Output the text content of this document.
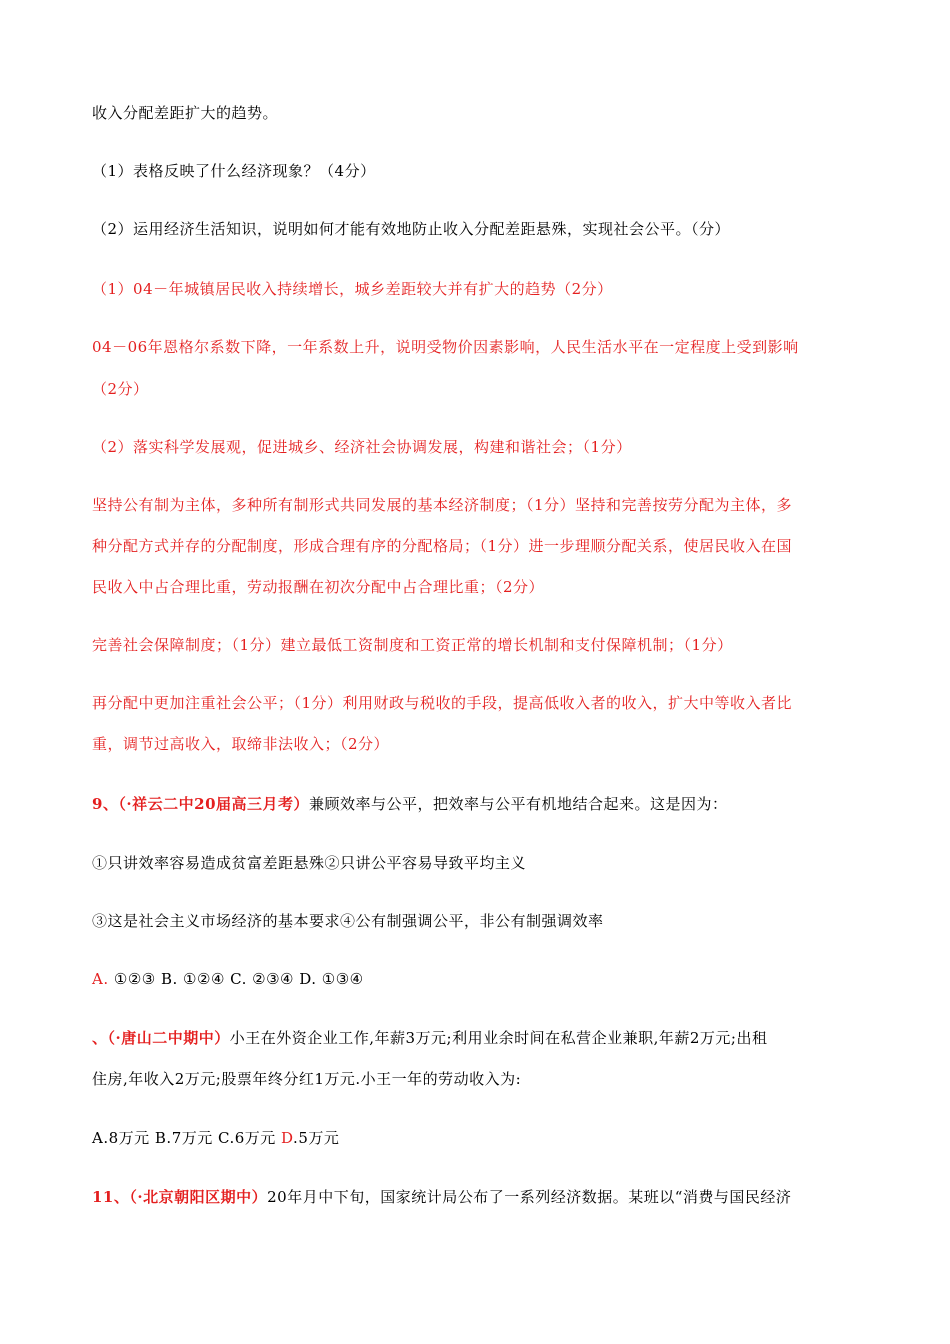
收入分配差距扩大的趋势。
（1）表格反映了什么经济现象？（4分）
（2）运用经济生活知识，说明如何才能有效地防止收入分配差距悬殊，实现社会公平。（分）
（1）04－年城镇居民收入持续增长，城乡差距较大并有扩大的趋势（2分）
04－06年恩格尔系数下降，一年系数上升，说明受物价因素影响，人民生活水平在一定程度上受到影响
（2分）
（2）落实科学发展观，促进城乡、经济社会协调发展，构建和谐社会；（1分）
坚持公有制为主体，多种所有制形式共同发展的基本经济制度；（1分）坚持和完善按劳分配为主体，多
种分配方式并存的分配制度，形成合理有序的分配格局；（1分）进一步理顺分配关系，使居民收入在国
民收入中占合理比重，劳动报酬在初次分配中占合理比重；（2分）
完善社会保障制度；（1分）建立最低工资制度和工资正常的增长机制和支付保障机制；（1分）
再分配中更加注重社会公平；（1分）利用财政与税收的手段，提高低收入者的收入，扩大中等收入者比
重，调节过高收入，取缔非法收入；（2分）
9、（·祥云二中20届高三月考）兼顾效率与公平，把效率与公平有机地结合起来。这是因为：
①只讲效率容易造成贫富差距悬殊②只讲公平容易导致平均主义
③这是社会主义市场经济的基本要求④公有制强调公平，非公有制强调效率
A. ①②③ B. ①②④ C. ②③④ D. ①③④
、（·唐山二中期中）小王在外资企业工作,年薪3万元;利用业余时间在私营企业兼职,年薪2万元;出租
住房,年收入2万元;股票年终分红1万元.小王一年的劳动收入为:
A.8万元 B.7万元 C.6万元 D.5万元
11、（·北京朝阳区期中）20年月中下旬，国家统计局公布了一系列经济数据。某班以“消费与国民经济
